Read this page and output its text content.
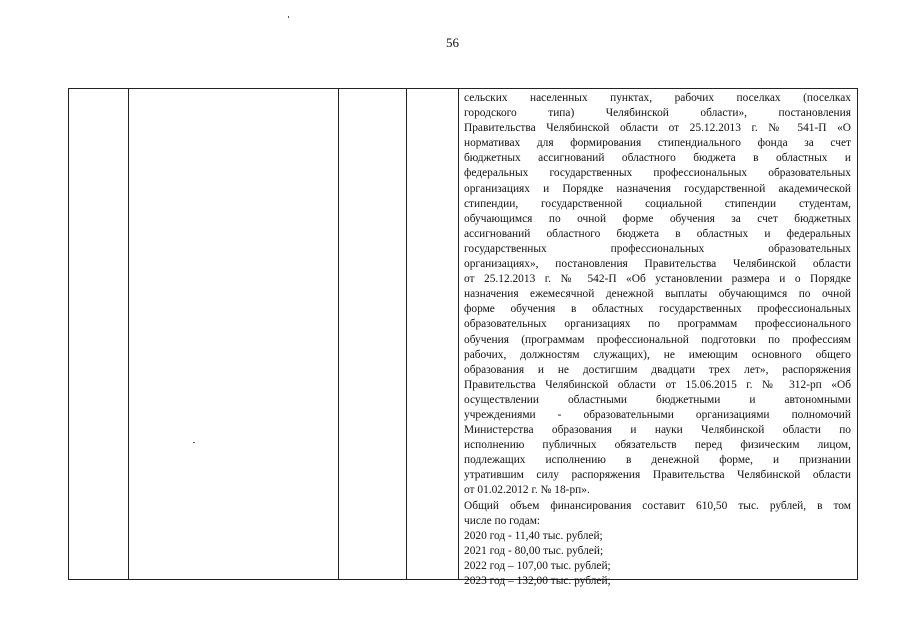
56
сельских населенных пунктах, рабочих поселках (поселках
городского типа) Челябинской области», постановления
Правительства Челябинской области от 25.12.2013 г. № 541-П «О
нормативах для формирования стипендиального фонда за счет
бюджетных ассигнований областного бюджета в областных и
федеральных государственных профессиональных образовательных
организациях и Порядке назначения государственной академической
стипендии, государственной социальной стипендии студентам,
обучающимся по очной форме обучения за счет бюджетных
ассигнований областного бюджета в областных и федеральных
государственных профессиональных образовательных
организациях», постановления Правительства Челябинской области
от 25.12.2013 г. № 542-П «Об установлении размера и о Порядке
назначения ежемесячной денежной выплаты обучающимся по очной
форме обучения в областных государственных профессиональных
образовательных организациях по программам профессионального
обучения (программам профессиональной подготовки по профессиям
рабочих, должностям служащих), не имеющим основного общего
образования и не достигшим двадцати трех лет», распоряжения
Правительства Челябинской области от 15.06.2015 г. № 312-рп «Об
осуществлении областными бюджетными и автономными
учреждениями - образовательными организациями полномочий
Министерства образования и науки Челябинской области по
исполнению публичных обязательств перед физическим лицом,
подлежащих исполнению в денежной форме, и признании
утратившим силу распоряжения Правительства Челябинской области
от 01.02.2012 г. № 18-рп».
Общий объем финансирования составит 610,50 тыс. рублей, в том
числе по годам:
2020 год - 11,40 тыс. рублей;
2021 год - 80,00 тыс. рублей;
2022 год – 107,00 тыс. рублей;
2023 год – 132,00 тыс. рублей;
